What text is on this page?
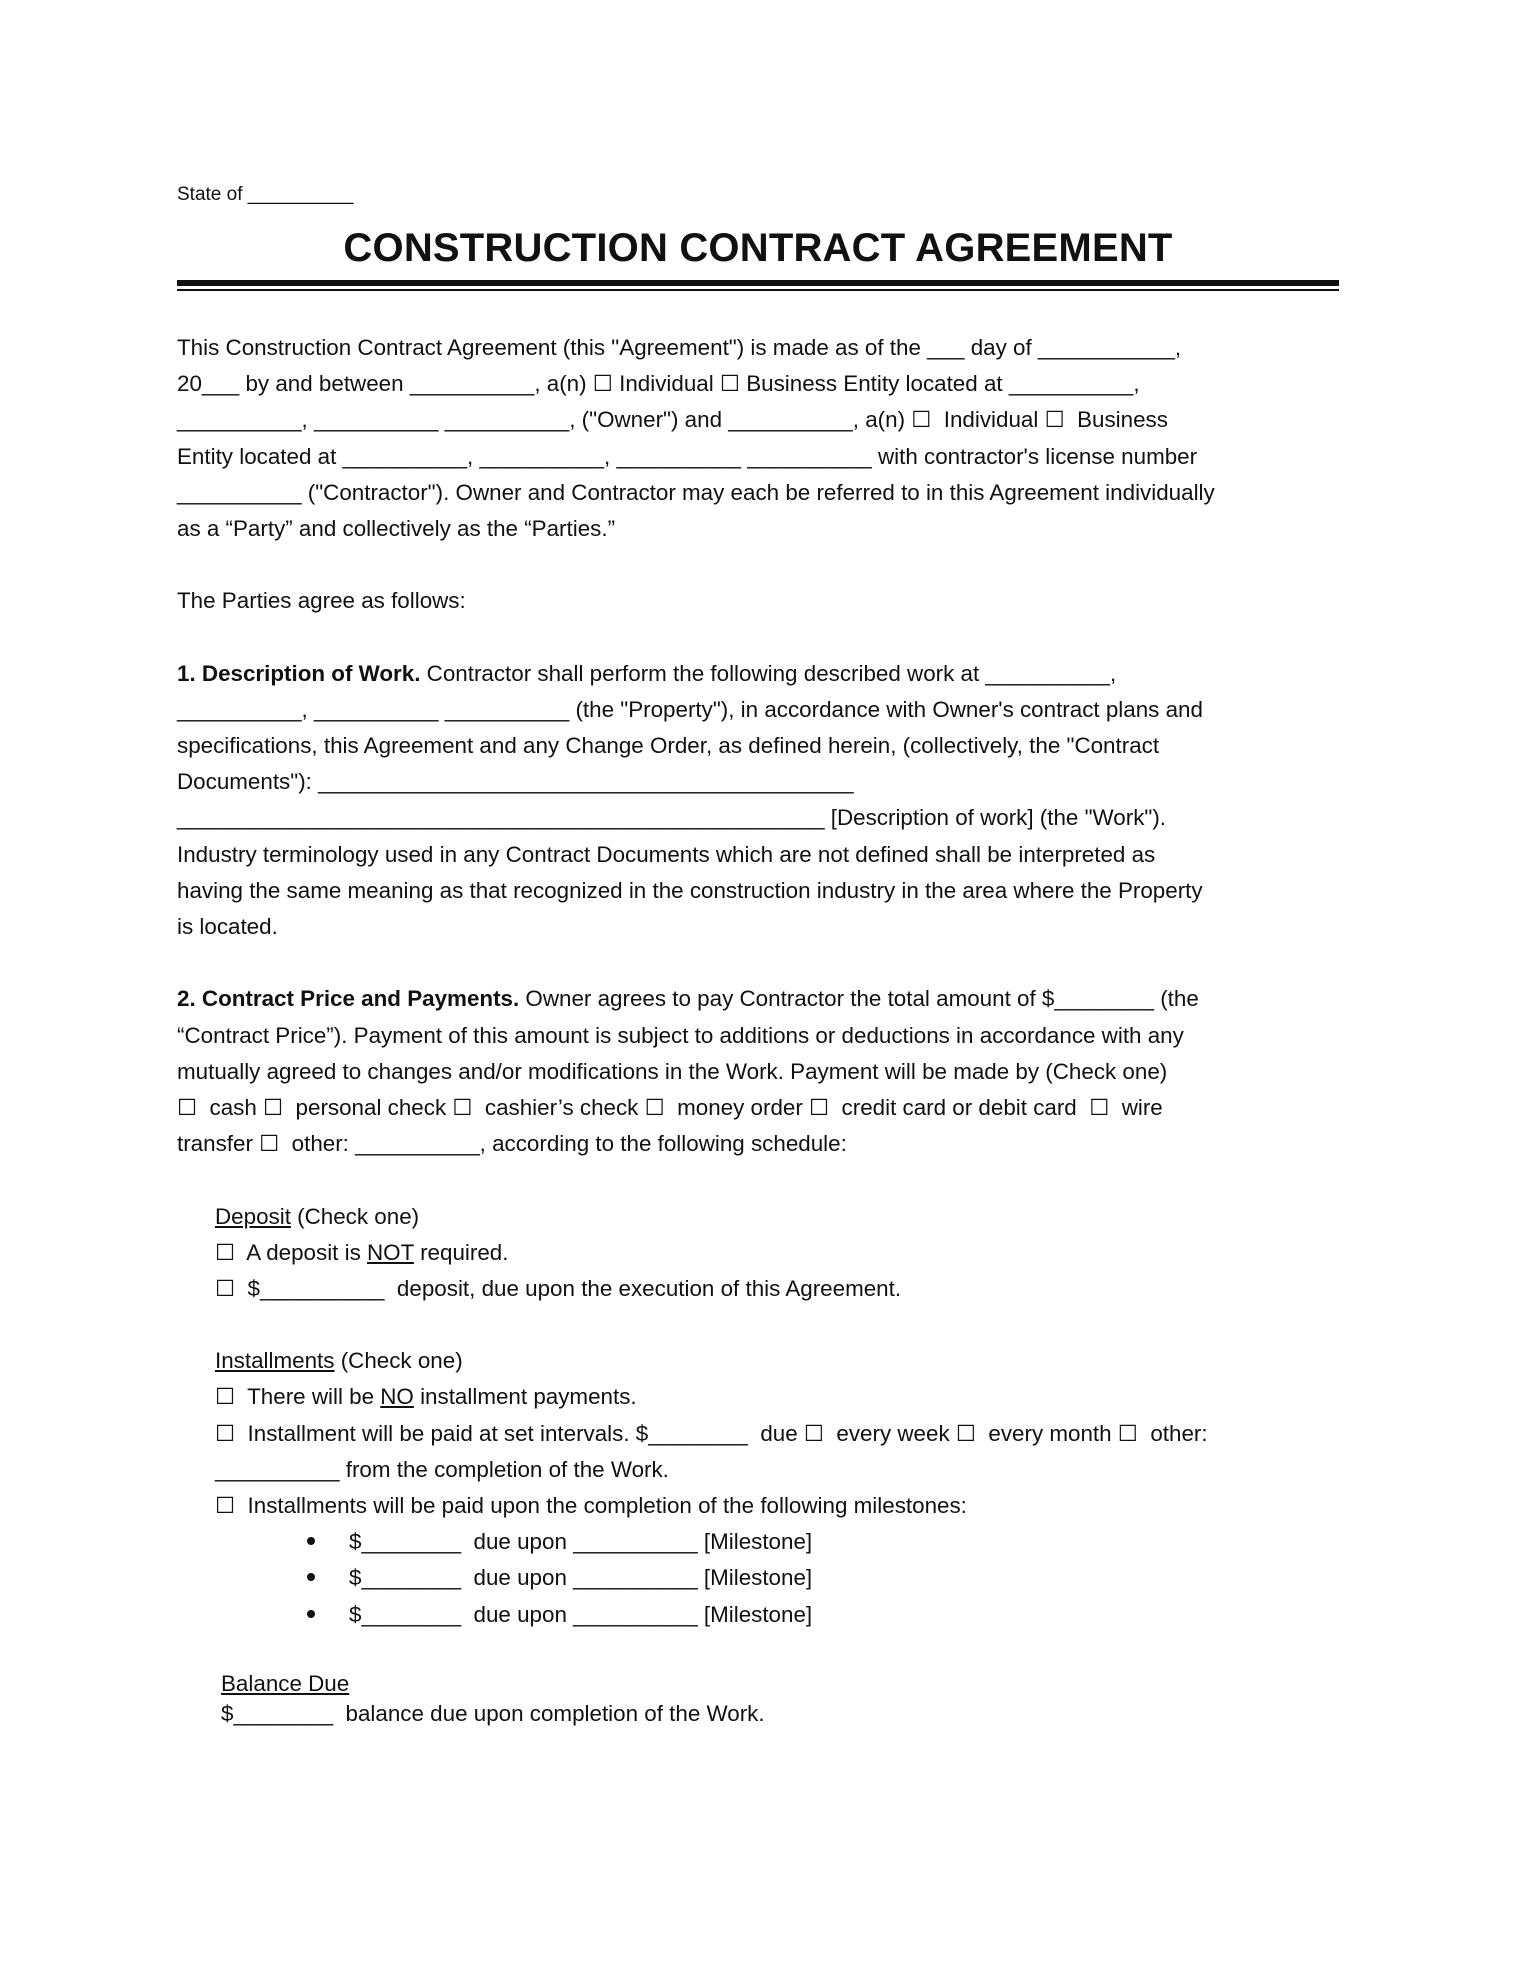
State of __________
CONSTRUCTION CONTRACT AGREEMENT
This Construction Contract Agreement (this "Agreement") is made as of the ___ day of ___________,
20___ by and between __________, a(n) ☐ Individual ☐ Business Entity located at __________,
__________, __________ __________, ("Owner") and __________, a(n) ☐  Individual ☐  Business
Entity located at __________, __________, __________ __________ with contractor's license number
__________ ("Contractor"). Owner and Contractor may each be referred to in this Agreement individually
as a “Party” and collectively as the “Parties.”
The Parties agree as follows:
1. Description of Work. Contractor shall perform the following described work at __________,
__________, __________ __________ (the "Property"), in accordance with Owner's contract plans and
specifications, this Agreement and any Change Order, as defined herein, (collectively, the "Contract
Documents"): ___________________________________________
____________________________________________________ [Description of work] (the "Work").
Industry terminology used in any Contract Documents which are not defined shall be interpreted as
having the same meaning as that recognized in the construction industry in the area where the Property
is located.
2. Contract Price and Payments. Owner agrees to pay Contractor the total amount of $________ (the
“Contract Price”). Payment of this amount is subject to additions or deductions in accordance with any
mutually agreed to changes and/or modifications in the Work. Payment will be made by (Check one)
☐  cash ☐  personal check ☐  cashier’s check ☐  money order ☐  credit card or debit card  ☐  wire
transfer ☐  other: __________, according to the following schedule:
Deposit (Check one)
☐  A deposit is NOT required.
☐  $__________  deposit, due upon the execution of this Agreement.
Installments (Check one)
☐  There will be NO installment payments.
☐  Installment will be paid at set intervals. $________  due ☐  every week ☐  every month ☐  other:
__________ from the completion of the Work.
☐  Installments will be paid upon the completion of the following milestones:
$________  due upon __________ [Milestone]
$________  due upon __________ [Milestone]
$________  due upon __________ [Milestone]
Balance Due
$________  balance due upon completion of the Work.
